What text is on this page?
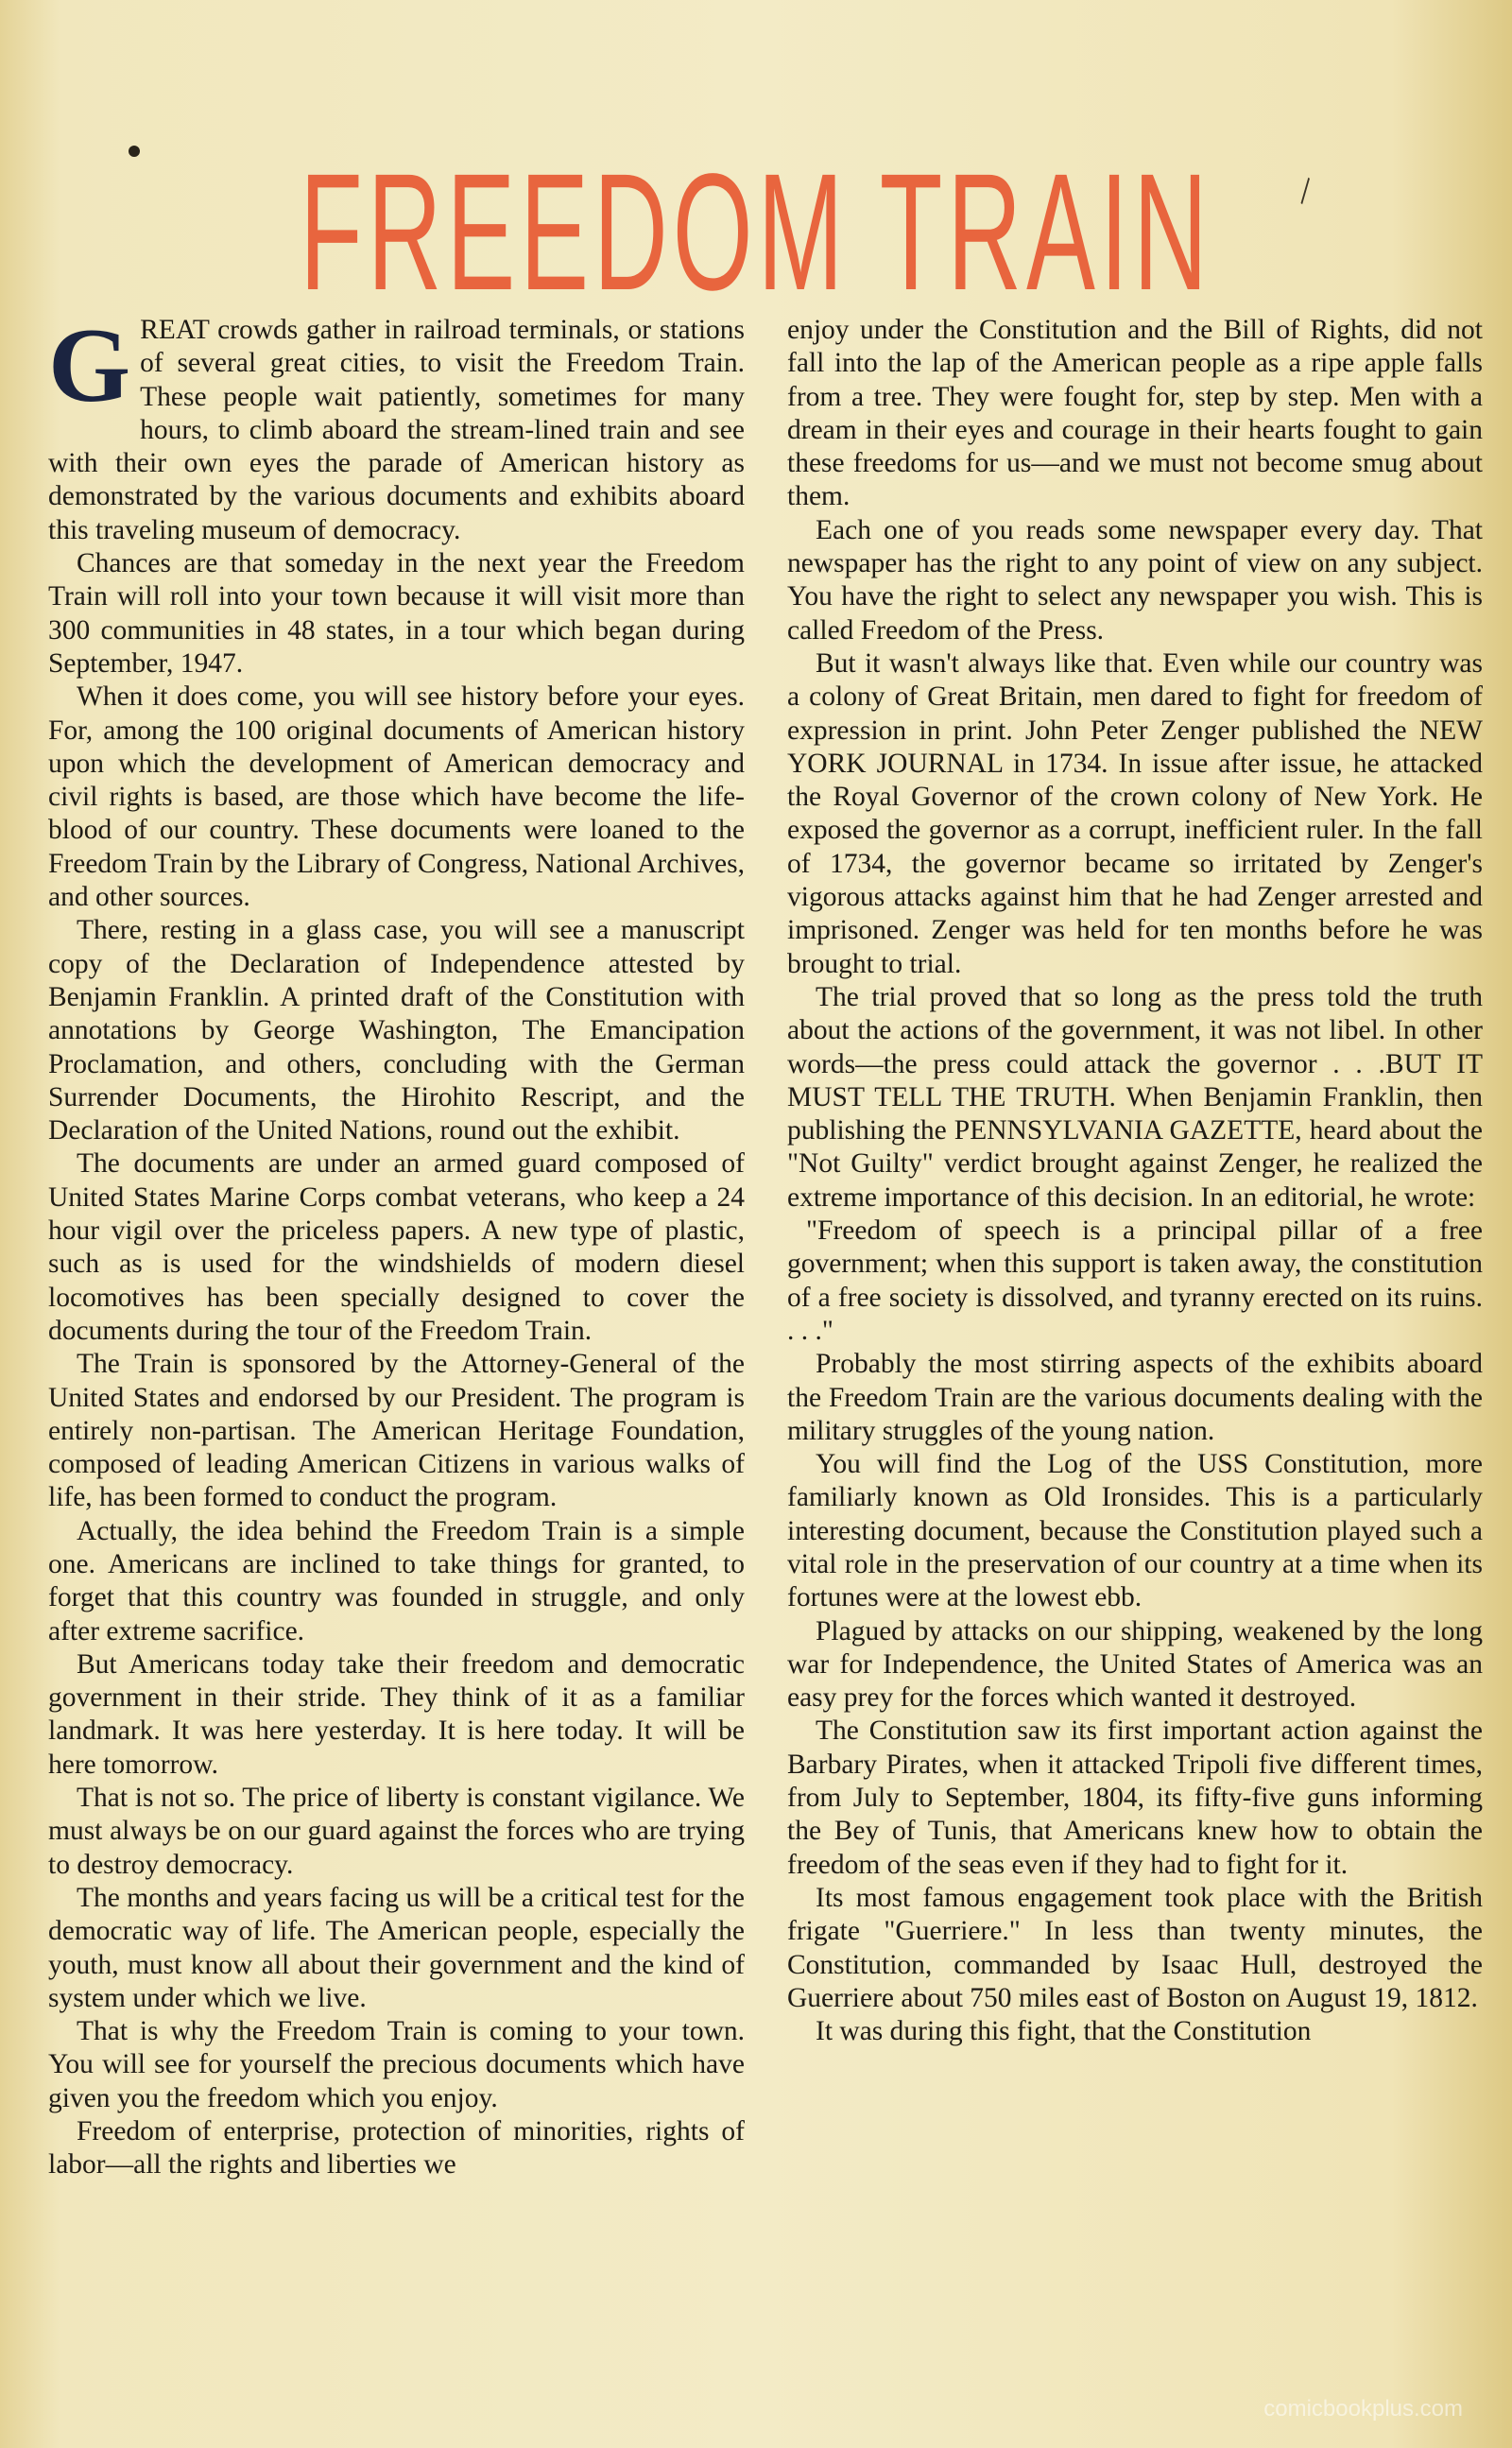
\
FREEDOM TRAIN
G REAT crowds gather in railroad terminals, or stations of several great cities, to visit the Freedom Train. These people wait patiently, sometimes for many hours, to climb aboard the stream-lined train and see with their own eyes the parade of American history as demonstrated by the various documents and exhibits aboard this traveling museum of democracy.

Chances are that someday in the next year the Freedom Train will roll into your town because it will visit more than 300 communities in 48 states, in a tour which began during September, 1947.

When it does come, you will see history before your eyes. For, among the 100 original documents of American history upon which the development of American democracy and civil rights is based, are those which have become the life-blood of our country. These documents were loaned to the Freedom Train by the Library of Congress, National Archives, and other sources.

There, resting in a glass case, you will see a manuscript copy of the Declaration of Independence attested by Benjamin Franklin. A printed draft of the Constitution with annotations by George Washington, The Emancipation Proclamation, and others, concluding with the German Surrender Documents, the Hirohito Rescript, and the Declaration of the United Nations, round out the exhibit.

The documents are under an armed guard composed of United States Marine Corps combat veterans, who keep a 24 hour vigil over the priceless papers. A new type of plastic, such as is used for the windshields of modern diesel locomotives has been specially designed to cover the documents during the tour of the Freedom Train.

The Train is sponsored by the Attorney-General of the United States and endorsed by our President. The program is entirely non-partisan. The American Heritage Foundation, composed of leading American Citizens in various walks of life, has been formed to conduct the program.

Actually, the idea behind the Freedom Train is a simple one. Americans are inclined to take things for granted, to forget that this country was founded in struggle, and only after extreme sacrifice.

But Americans today take their freedom and democratic government in their stride. They think of it as a familiar landmark. It was here yesterday. It is here today. It will be here tomorrow.

That is not so. The price of liberty is constant vigilance. We must always be on our guard against the forces who are trying to destroy democracy.

The months and years facing us will be a critical test for the democratic way of life. The American people, especially the youth, must know all about their government and the kind of system under which we live.

That is why the Freedom Train is coming to your town. You will see for yourself the precious documents which have given you the freedom which you enjoy.

Freedom of enterprise, protection of minorities, rights of labor—all the rights and liberties we

enjoy under the Constitution and the Bill of Rights, did not fall into the lap of the American people as a ripe apple falls from a tree. They were fought for, step by step. Men with a dream in their eyes and courage in their hearts fought to gain these freedoms for us—and we must not become smug about them.

Each one of you reads some newspaper every day. That newspaper has the right to any point of view on any subject. You have the right to select any newspaper you wish. This is called Freedom of the Press.

But it wasn't always like that. Even while our country was a colony of Great Britain, men dared to fight for freedom of expression in print. John Peter Zenger published the NEW YORK JOURNAL in 1734. In issue after issue, he attacked the Royal Governor of the crown colony of New York. He exposed the governor as a corrupt, inefficient ruler. In the fall of 1734, the governor became so irritated by Zenger's vigorous attacks against him that he had Zenger arrested and imprisoned. Zenger was held for ten months before he was brought to trial.

The trial proved that so long as the press told the truth about the actions of the government, it was not libel. In other words—the press could attack the governor . . .BUT IT MUST TELL THE TRUTH. When Benjamin Franklin, then publishing the PENNSYLVANIA GAZETTE, heard about the "Not Guilty" verdict brought against Zenger, he realized the extreme importance of this decision. In an editorial, he wrote:

"Freedom of speech is a principal pillar of a free government; when this support is taken away, the constitution of a free society is dissolved, and tyranny erected on its ruins. . . ."

Probably the most stirring aspects of the exhibits aboard the Freedom Train are the various documents dealing with the military struggles of the young nation.

You will find the Log of the USS Constitution, more familiarly known as Old Ironsides. This is a particularly interesting document, because the Constitution played such a vital role in the preservation of our country at a time when its fortunes were at the lowest ebb.

Plagued by attacks on our shipping, weakened by the long war for Independence, the United States of America was an easy prey for the forces which wanted it destroyed.

The Constitution saw its first important action against the Barbary Pirates, when it attacked Tripoli five different times, from July to September, 1804, its fifty-five guns informing the Bey of Tunis, that Americans knew how to obtain the freedom of the seas even if they had to fight for it.

Its most famous engagement took place with the British frigate "Guerriere." In less than twenty minutes, the Constitution, commanded by Isaac Hull, destroyed the Guerriere about 750 miles east of Boston on August 19, 1812.

It was during this fight, that the Constitution

comicbookplus.com
